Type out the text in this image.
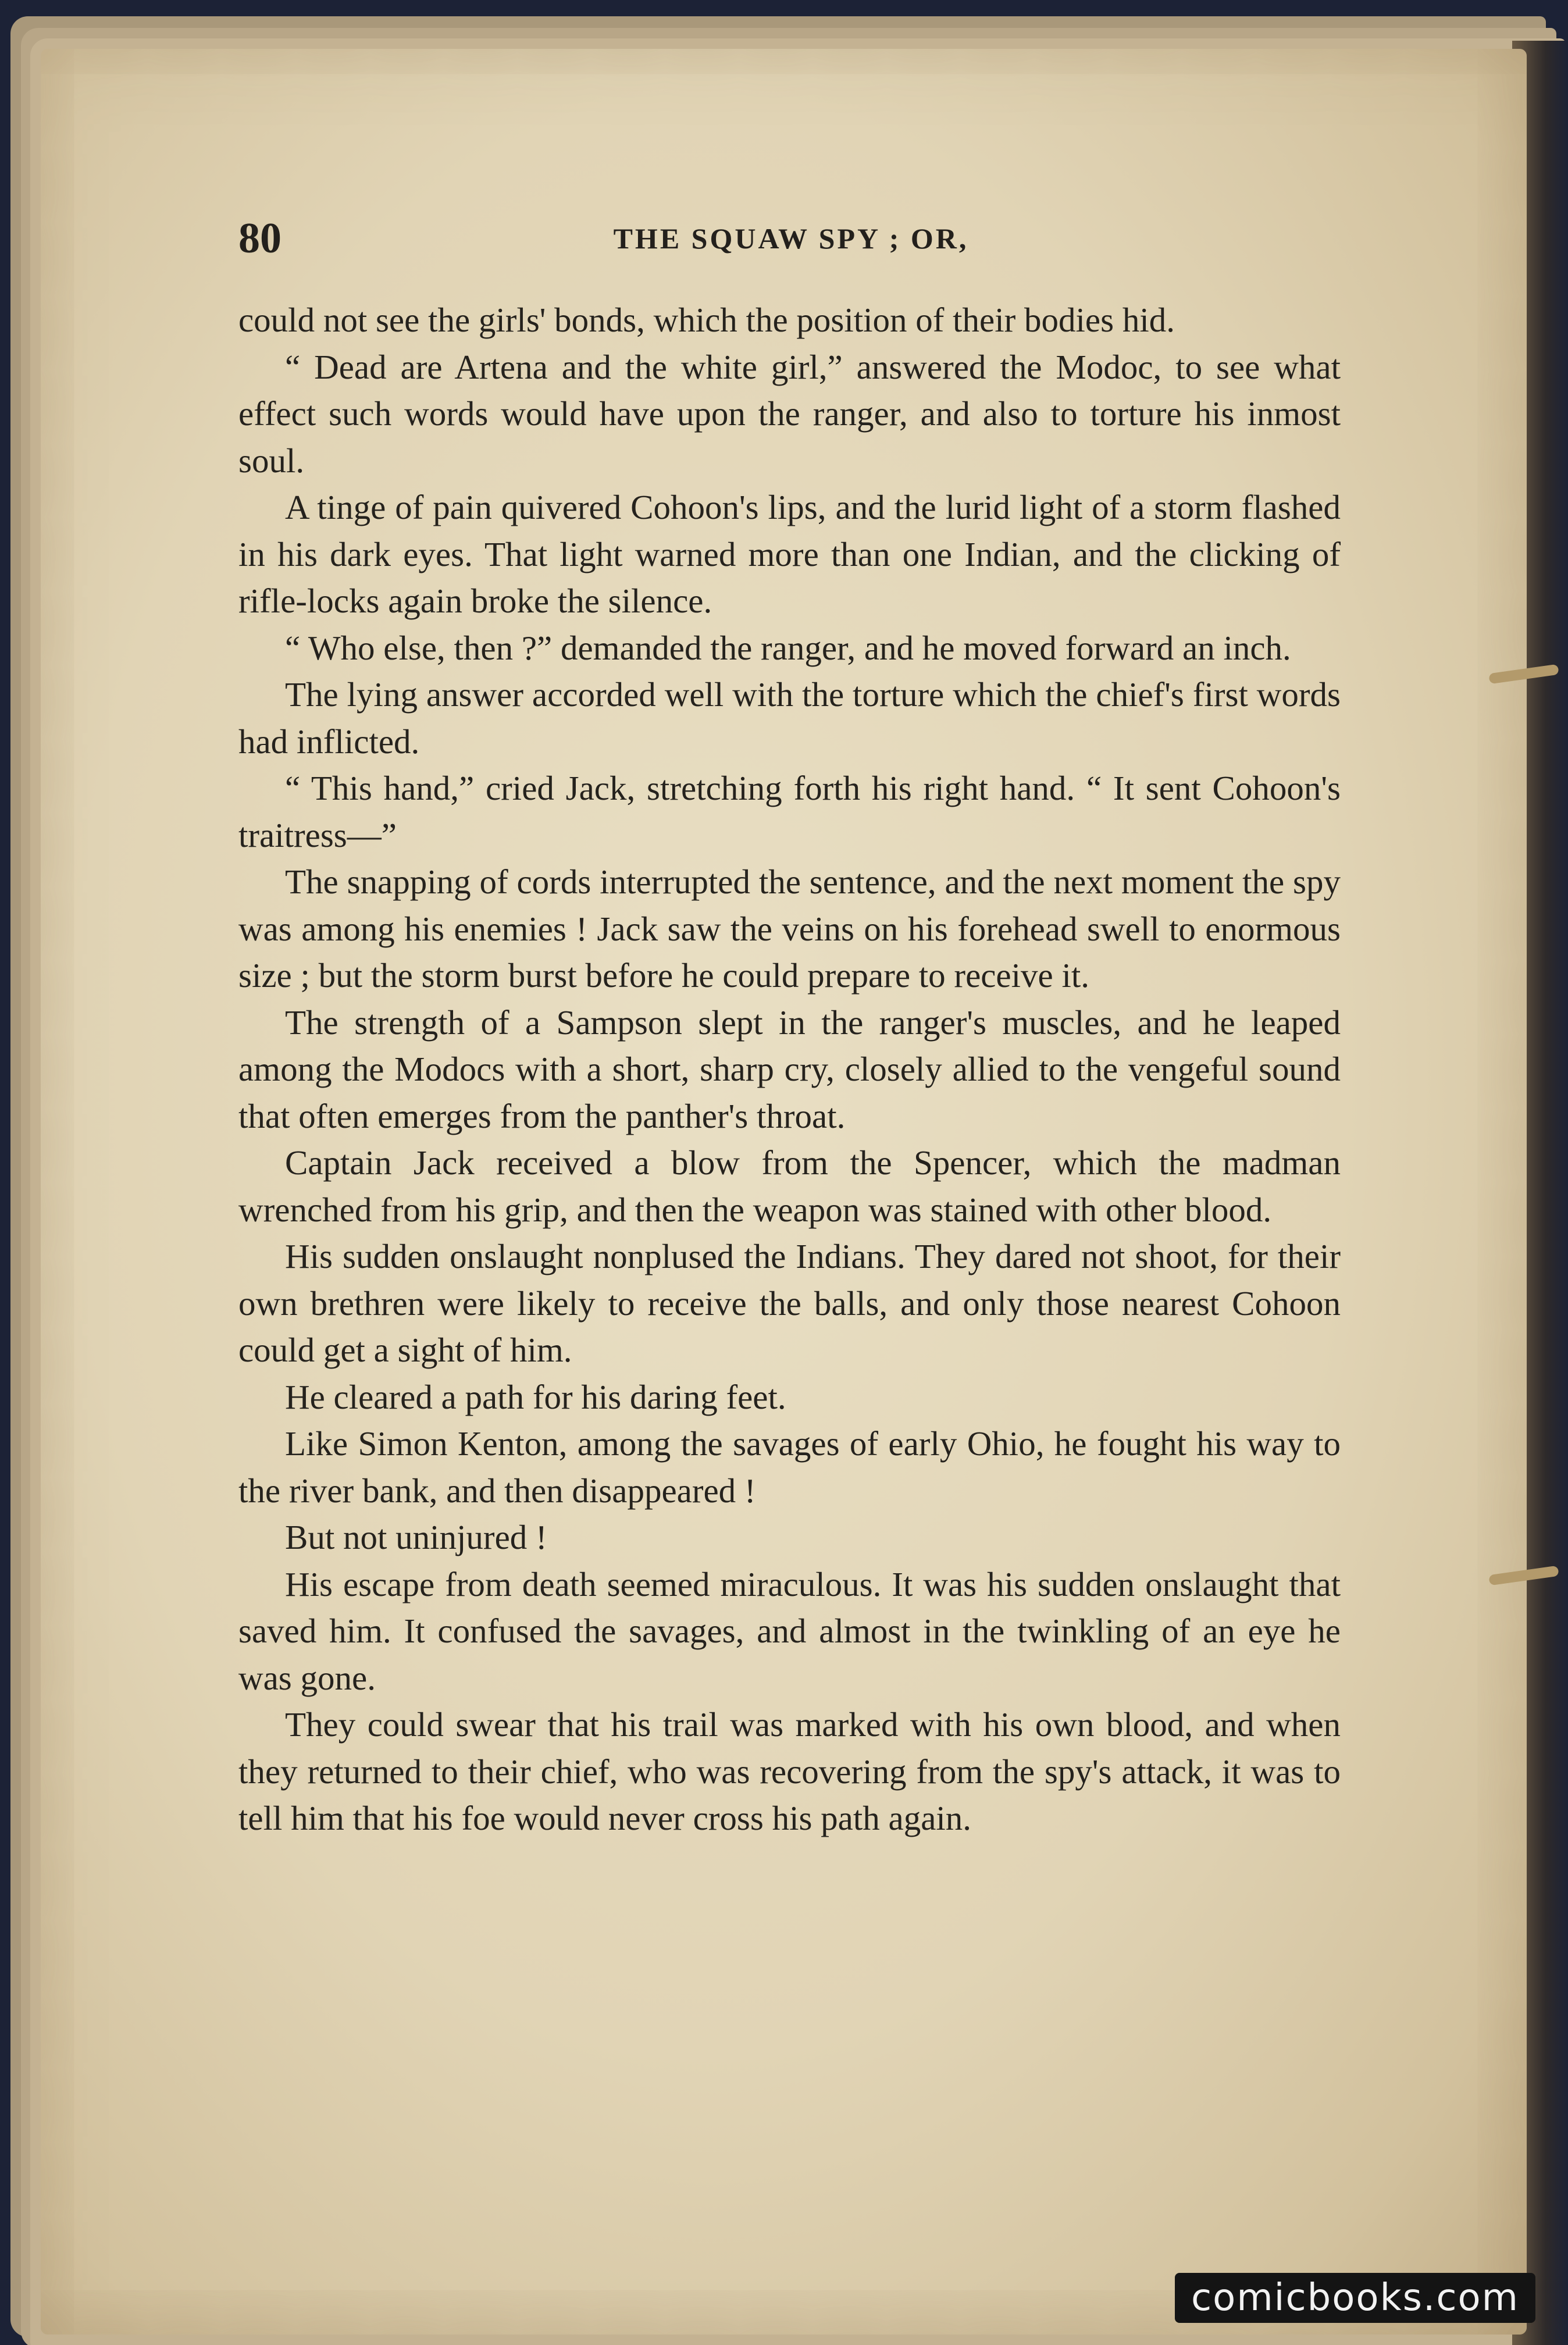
80	THE SQUAW SPY ; OR,

could not see the girls' bonds, which the position of their bodies hid.

“ Dead are Artena and the white girl,” answered the Modoc, to see what effect such words would have upon the ranger, and also to torture his inmost soul.

A tinge of pain quivered Cohoon's lips, and the lurid light of a storm flashed in his dark eyes. That light warned more than one Indian, and the clicking of rifle-locks again broke the silence.

“ Who else, then ?” demanded the ranger, and he moved forward an inch.

The lying answer accorded well with the torture which the chief's first words had inflicted.

“ This hand,” cried Jack, stretching forth his right hand. “ It sent Cohoon's traitress—”

The snapping of cords interrupted the sentence, and the next moment the spy was among his enemies ! Jack saw the veins on his forehead swell to enormous size ; but the storm burst before he could prepare to receive it.

The strength of a Sampson slept in the ranger's muscles, and he leaped among the Modocs with a short, sharp cry, closely allied to the vengeful sound that often emerges from the panther's throat.

Captain Jack received a blow from the Spencer, which the madman wrenched from his grip, and then the weapon was stained with other blood.

His sudden onslaught nonplused the Indians. They dared not shoot, for their own brethren were likely to receive the balls, and only those nearest Cohoon could get a sight of him.

He cleared a path for his daring feet.

Like Simon Kenton, among the savages of early Ohio, he fought his way to the river bank, and then disappeared !

But not uninjured !

His escape from death seemed miraculous. It was his sudden onslaught that saved him. It confused the savages, and almost in the twinkling of an eye he was gone.

They could swear that his trail was marked with his own blood, and when they returned to their chief, who was recovering from the spy's attack, it was to tell him that his foe would never cross his path again.

comicbooks.com
